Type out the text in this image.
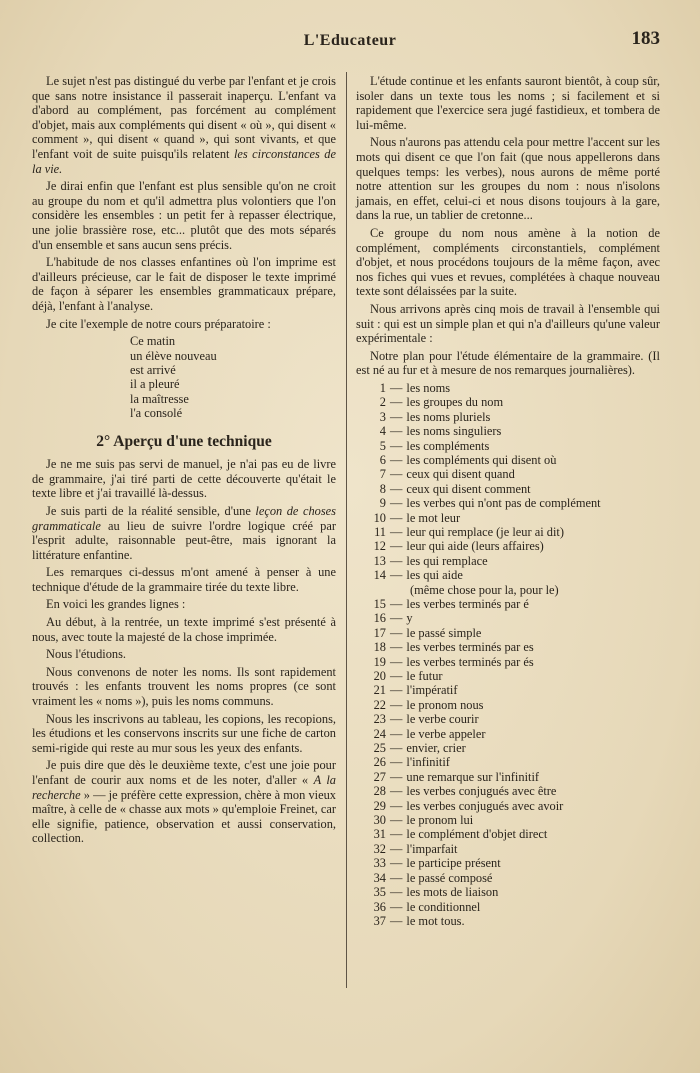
L'Educateur	183

Le sujet n'est pas distingué du verbe par l'enfant et je crois que sans notre insistance il passerait inaperçu. L'enfant va d'abord au complément, pas forcément au complément d'objet, mais aux compléments qui disent « où », qui disent « comment », qui disent « quand », qui sont vivants, et que l'enfant voit de suite puisqu'ils relatent les circonstances de la vie.

Je dirai enfin que l'enfant est plus sensible qu'on ne croit au groupe du nom et qu'il admettra plus volontiers que l'on considère les ensembles : un petit fer à repasser électrique, une jolie brassière rose, etc... plutôt que des mots séparés d'un ensemble et sans aucun sens précis.

L'habitude de nos classes enfantines où l'on imprime est d'ailleurs précieuse, car le fait de disposer le texte imprimé de façon à séparer les ensembles grammaticaux prépare, déjà, l'enfant à l'analyse.

Je cite l'exemple de notre cours préparatoire :

Ce matin
un élève nouveau
est arrivé
il a pleuré
la maîtresse
l'a consolé
2° Aperçu d'une technique

Je ne me suis pas servi de manuel, je n'ai pas eu de livre de grammaire, j'ai tiré parti de cette découverte qu'était le texte libre et j'ai travaillé là-dessus.

Je suis parti de la réalité sensible, d'une leçon de choses grammaticale au lieu de suivre l'ordre logique créé par l'esprit adulte, raisonnable peut-être, mais ignorant la littérature enfantine.

Les remarques ci-dessus m'ont amené à penser à une technique d'étude de la grammaire tirée du texte libre.

En voici les grandes lignes :

Au début, à la rentrée, un texte imprimé s'est présenté à nous, avec toute la majesté de la chose imprimée.

Nous l'étudions.

Nous convenons de noter les noms. Ils sont rapidement trouvés : les enfants trouvent les noms propres (ce sont vraiment les « noms »), puis les noms communs.

Nous les inscrivons au tableau, les copions, les recopions, les étudions et les conservons inscrits sur une fiche de carton semi-rigide qui reste au mur sous les yeux des enfants.

Je puis dire que dès le deuxième texte, c'est une joie pour l'enfant de courir aux noms et de les noter, d'aller « A la recherche » — je préfère cette expression, chère à mon vieux maître, à celle de « chasse aux mots » qu'emploie Freinet, car elle signifie, patience, observation et aussi conservation, collection.

L'étude continue et les enfants sauront bientôt, à coup sûr, isoler dans un texte tous les noms ; si facilement et si rapidement que l'exercice sera jugé fastidieux, et tombera de lui-même.

Nous n'aurons pas attendu cela pour mettre l'accent sur les mots qui disent ce que l'on fait (que nous appellerons dans quelques temps: les verbes), nous aurons de même porté notre attention sur les groupes du nom : nous n'isolons jamais, en effet, celui-ci et nous disons toujours à la gare, dans la rue, un tablier de cretonne...

Ce groupe du nom nous amène à la notion de complément, compléments circonstantiels, complément d'objet, et nous procédons toujours de la même façon, avec nos fiches qui vues et revues, complétées à chaque nouveau texte sont délaissées par la suite.

Nous arrivons après cinq mois de travail à l'ensemble qui suit : qui est un simple plan et qui n'a d'ailleurs qu'une valeur expérimentale :

Notre plan pour l'étude élémentaire de la grammaire. (Il est né au fur et à mesure de nos remarques journalières).

1 — les noms
2 — les groupes du nom
3 — les noms pluriels
4 — les noms singuliers
5 — les compléments
6 — les compléments qui disent où
7 — ceux qui disent quand
8 — ceux qui disent comment
9 — les verbes qui n'ont pas de complément
10 — le mot leur
11 — leur qui remplace (je leur ai dit)
12 — leur qui aide (leurs affaires)
13 — les qui remplace
14 — les qui aide
(même chose pour la, pour le)
15 — les verbes terminés par é
16 — y
17 — le passé simple
18 — les verbes terminés par es
19 — les verbes terminés par és
20 — le futur
21 — l'impératif
22 — le pronom nous
23 — le verbe courir
24 — le verbe appeler
25 — envier, crier
26 — l'infinitif
27 — une remarque sur l'infinitif
28 — les verbes conjugués avec être
29 — les verbes conjugués avec avoir
30 — le pronom lui
31 — le complément d'objet direct
32 — l'imparfait
33 — le participe présent
34 — le passé composé
35 — les mots de liaison
36 — le conditionnel
37 — le mot tous.
